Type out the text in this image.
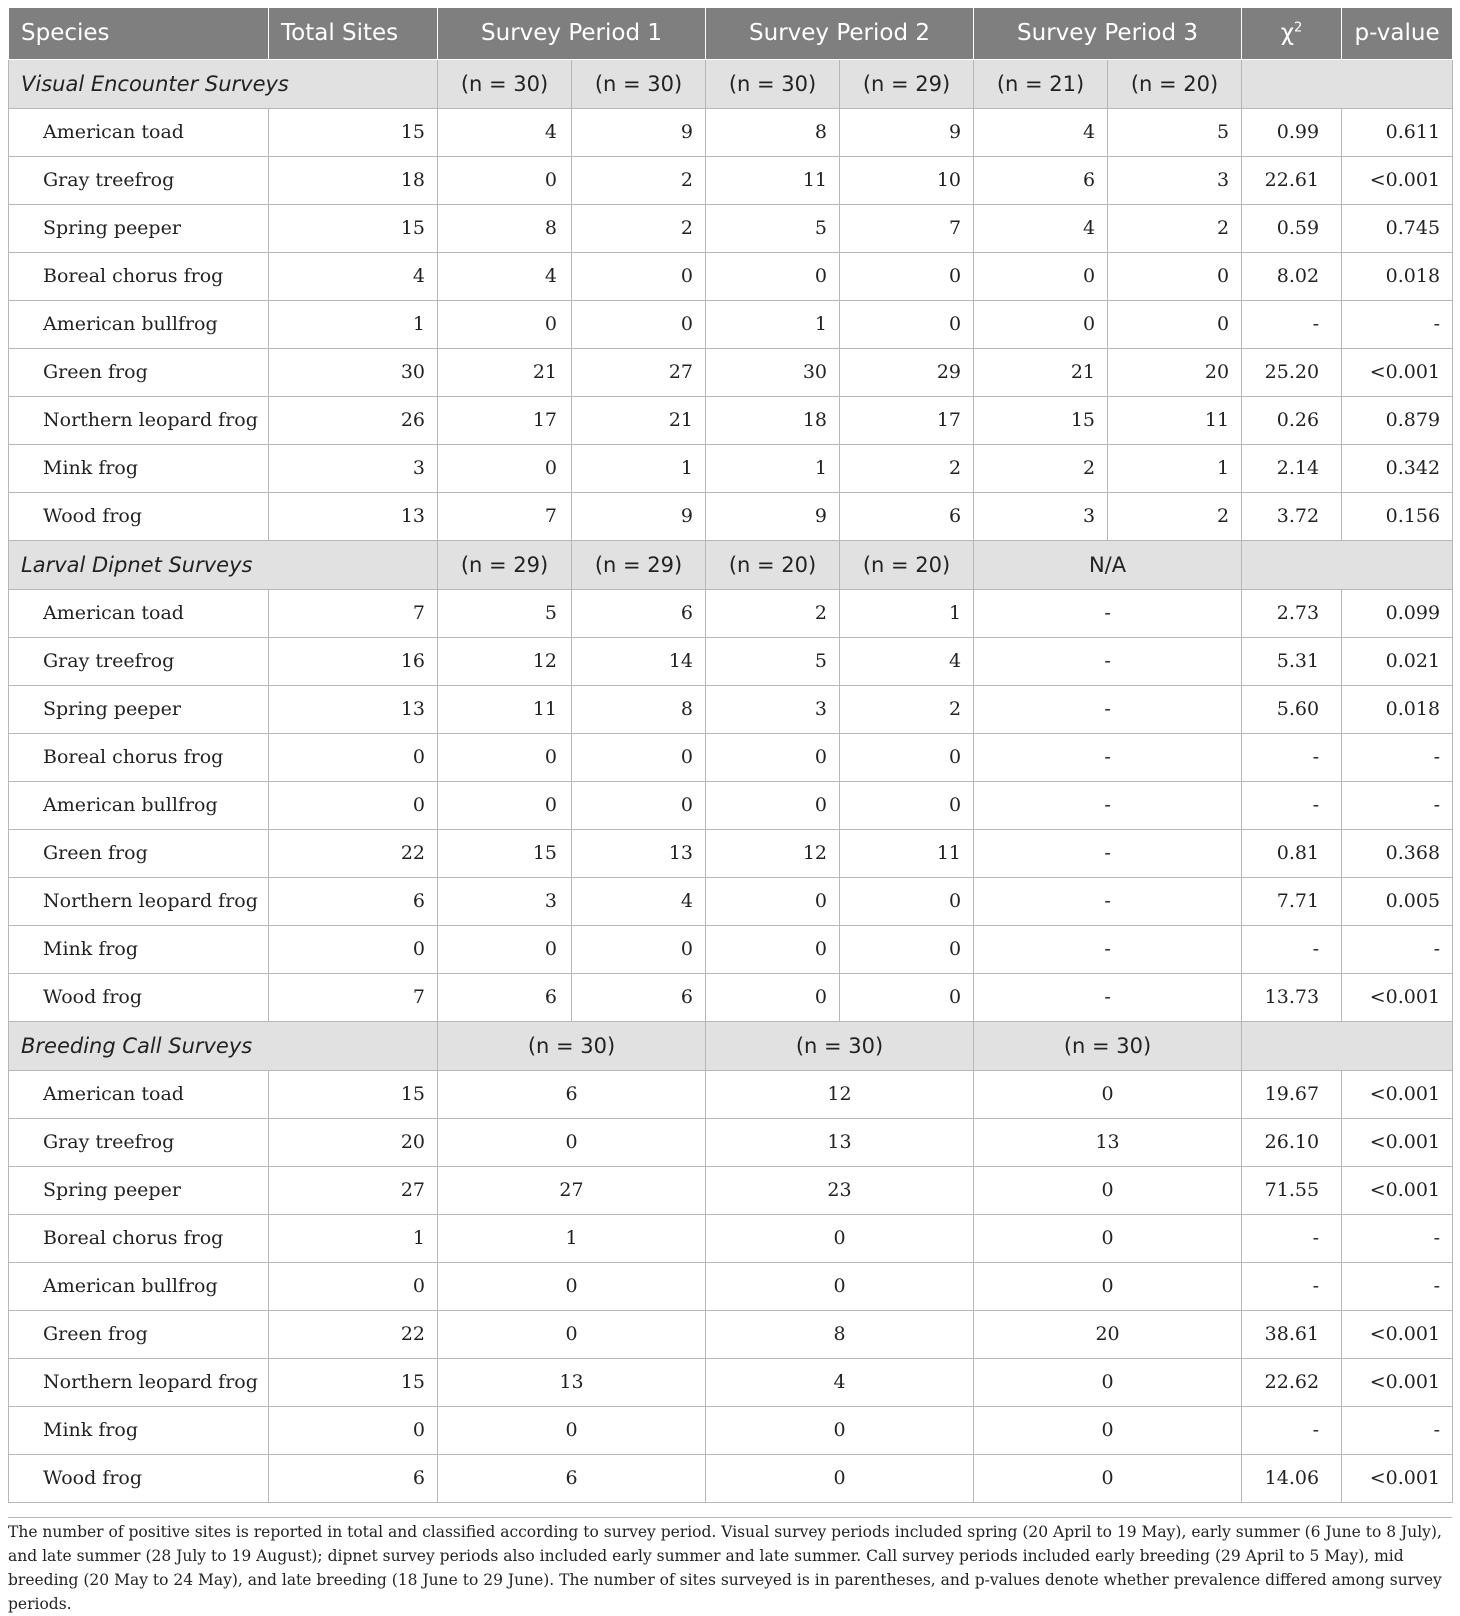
Species	Total Sites	Survey Period 1		Survey Period 2		Survey Period 3		$\chi^2$	p-value
Visual Encounter Surveys		(n = 30)	(n = 30)	(n = 30)	(n = 29)	(n = 21)	(n = 20)		
American toad	15	4	9	8	9	4	5	0.99	0.611
Gray treefrog	18	0	2	11	10	6	3	22.61	<0.001
Spring peeper	15	8	2	5	7	4	2	0.59	0.745
Boreal chorus frog	4	4	0	0	0	0	0	8.02	0.018
American bullfrog	1	0	0	1	0	0	0	-	-
Green frog	30	21	27	30	29	21	20	25.20	<0.001
Northern leopard frog	26	17	21	18	17	15	11	0.26	0.879
Mink frog	3	0	1	1	2	2	1	2.14	0.342
Wood frog	13	7	9	9	6	3	2	3.72	0.156
Larval Dipnet Surveys		(n = 29)	(n = 29)	(n = 20)	(n = 20)	N/A			
American toad	7	5	6	2	1	-		2.73	0.099
Gray treefrog	16	12	14	5	4	-		5.31	0.021
Spring peeper	13	11	8	3	2	-		5.60	0.018
Boreal chorus frog	0	0	0	0	0	-		-	-
American bullfrog	0	0	0	0	0	-		-	-
Green frog	22	15	13	12	11	-		0.81	0.368
Northern leopard frog	6	3	4	0	0	-		7.71	0.005
Mink frog	0	0	0	0	0	-		-	-
Wood frog	7	6	6	0	0	-		13.73	<0.001
Breeding Call Surveys		(n = 30)		(n = 30)		(n = 30)			
American toad	15	6		12		0		19.67	<0.001
Gray treefrog	20	0		13		13		26.10	<0.001
Spring peeper	27	27		23		0		71.55	<0.001
Boreal chorus frog	1	1		0		0		-	-
American bullfrog	0	0		0		0		-	-
Green frog	22	0		8		20		38.61	<0.001
Northern leopard frog	15	13		4		0		22.62	<0.001
Mink frog	0	0		0		0		-	-
Wood frog	6	6		0		0		14.06	<0.001

The number of positive sites is reported in total and classified according to survey period. Visual survey periods included spring (20 April to 19 May), early summer (6 June to 8 July), and late summer (28 July to 19 August); dipnet survey periods also included early summer and late summer. Call survey periods included early breeding (29 April to 5 May), mid breeding (20 May to 24 May), and late breeding (18 June to 29 June). The number of sites surveyed is in parentheses, and p-values denote whether prevalence differed among survey periods.
